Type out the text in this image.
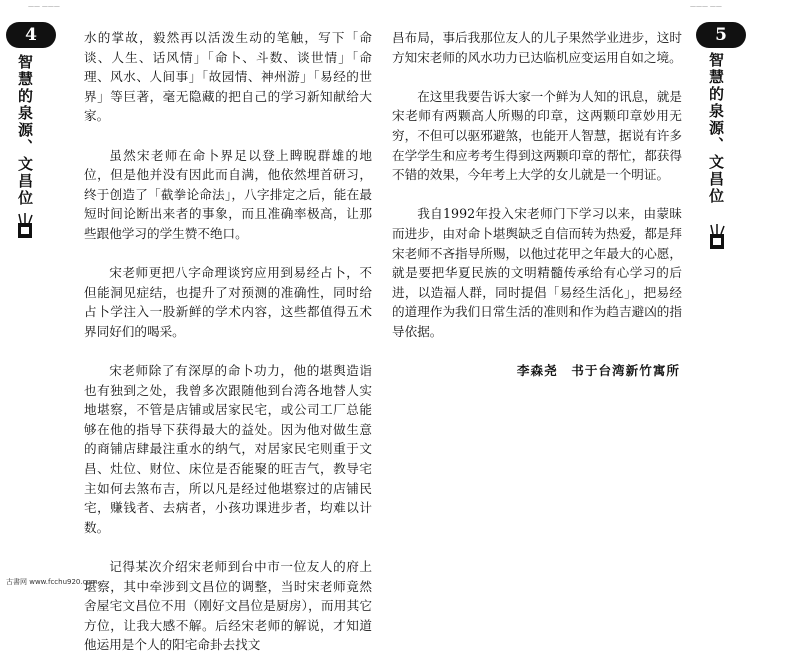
—— ———
4
智慧的泉源、文昌位

水的掌故，毅然再以活泼生动的笔触，写下「命谈、人生、话风情」「命卜、斗数、谈世情」「命理、风水、人间事」「故园情、神州游」「易经的世界」等巨著，毫无隐藏的把自己的学习新知献给大家。

虽然宋老师在命卜界足以登上睥睨群雄的地位，但是他并没有因此而自满，他依然埋首研习，终于创造了「截拳论命法」，八字排定之后，能在最短时间论断出来者的事象，而且准确率极高，让那些跟他学习的学生赞不绝口。

宋老师更把八字命理谈窍应用到易经占卜，不但能洞见症结，也提升了对预测的准确性，同时给占卜学注入一股新鲜的学术内容，这些都值得五术界同好们的喝采。

宋老师除了有深厚的命卜功力，他的堪舆造诣也有独到之处，我曾多次跟随他到台湾各地替人实地堪察，不管是店铺或居家民宅，或公司工厂总能够在他的指导下获得最大的益处。因为他对做生意的商铺店肆最注重水的纳气，对居家民宅则重于文昌、灶位、财位、床位是否能聚的旺吉气，教导宅主如何去煞布吉，所以凡是经过他堪察过的店铺民宅，赚钱者、去病者，小孩功课进步者，均难以计数。

记得某次介绍宋老师到台中市一位友人的府上堪察，其中牵涉到文昌位的调整，当时宋老师竟然舍屋宅文昌位不用（刚好文昌位是厨房），而用其它方位，让我大感不解。后经宋老师的解说，才知道他运用是个人的阳宅命卦去找文

——— ——
5
智慧的泉源、文昌位

昌布局，事后我那位友人的儿子果然学业进步，这时方知宋老师的风水功力已达临机应变运用自如之境。

在这里我要告诉大家一个鲜为人知的讯息，就是宋老师有两颗高人所赐的印章，这两颗印章妙用无穷，不但可以驱邪避煞，也能开人智慧，据说有许多在学学生和应考考生得到这两颗印章的帮忙，都获得不错的效果，今年考上大学的女儿就是一个明证。

我自1992年投入宋老师门下学习以来，由蒙昧而进步，由对命卜堪舆缺乏自信而转为热爱，都是拜宋老师不吝指导所赐，以他过花甲之年最大的心愿，就是要把华夏民族的文明精髓传承给有心学习的后进，以造福人群，同时提倡「易经生活化」，把易经的道理作为我们日常生活的准则和作为趋吉避凶的指导依据。

李森尧　书于台湾新竹寓所
古書网 www.fcchu920.com
